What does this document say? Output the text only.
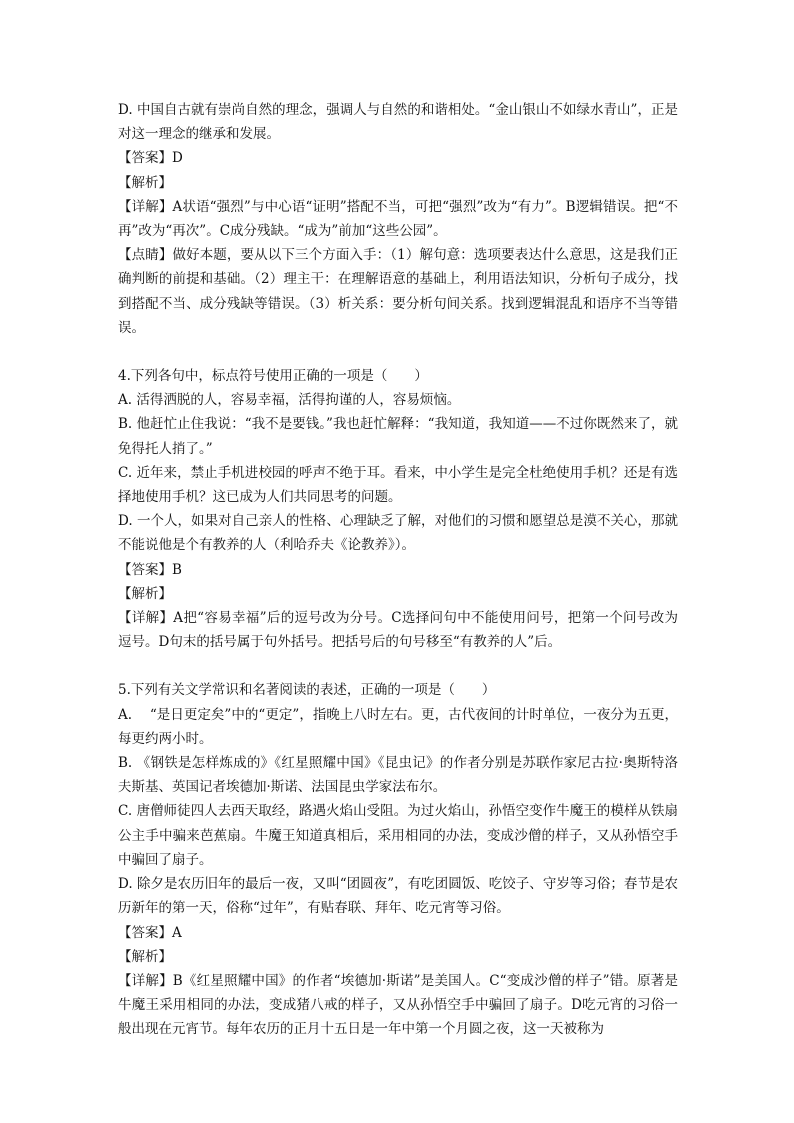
D. 中国自古就有崇尚自然的理念，强调人与自然的和谐相处。“金山银山不如绿水青山”，正是对这一理念的继承和发展。

【答案】D

【解析】

【详解】A状语“强烈”与中心语“证明”搭配不当，可把“强烈”改为“有力”。B逻辑错误。把“不再”改为“再次”。C成分残缺。“成为”前加“这些公园”。

【点睛】做好本题，要从以下三个方面入手：（1）解句意：选项要表达什么意思，这是我们正确判断的前提和基础。（2）理主干：在理解语意的基础上，利用语法知识，分析句子成分，找到搭配不当、成分残缺等错误。（3）析关系：要分析句间关系。找到逻辑混乱和语序不当等错误。

4.下列各句中，标点符号使用正确的一项是（　　）

A. 活得洒脱的人，容易幸福，活得拘谨的人，容易烦恼。

B. 他赶忙止住我说：“我不是要钱。”我也赶忙解释：“我知道，我知道——不过你既然来了，就免得托人捎了。”

C. 近年来，禁止手机进校园的呼声不绝于耳。看来，中小学生是完全杜绝使用手机？还是有选择地使用手机？这已成为人们共同思考的问题。

D. 一个人，如果对自己亲人的性格、心理缺乏了解，对他们的习惯和愿望总是漠不关心，那就不能说他是个有教养的人（利哈乔夫《论教养》）。

【答案】B

【解析】

【详解】A把“容易幸福”后的逗号改为分号。C选择问句中不能使用问号，把第一个问号改为逗号。D句末的括号属于句外括号。把括号后的句号移至“有教养的人”后。

5.下列有关文学常识和名著阅读的表述，正确的一项是（　　）

A. 　“是日更定矣”中的“更定”，指晚上八时左右。更，古代夜间的计时单位，一夜分为五更，每更约两小时。

B. 《钢铁是怎样炼成的》《红星照耀中国》《昆虫记》的作者分别是苏联作家尼古拉·奥斯特洛夫斯基、英国记者埃德加·斯诺、法国昆虫学家法布尔。

C. 唐僧师徒四人去西天取经，路遇火焰山受阻。为过火焰山，孙悟空变作牛魔王的模样从铁扇公主手中骗来芭蕉扇。牛魔王知道真相后，采用相同的办法，变成沙僧的样子，又从孙悟空手中骗回了扇子。

D. 除夕是农历旧年的最后一夜，又叫“团圆夜”，有吃团圆饭、吃饺子、守岁等习俗；春节是农历新年的第一天，俗称“过年”，有贴春联、拜年、吃元宵等习俗。

【答案】A

【解析】

【详解】B《红星照耀中国》的作者“埃德加·斯诺”是美国人。C“变成沙僧的样子”错。原著是牛魔王采用相同的办法，变成猪八戒的样子，又从孙悟空手中骗回了扇子。D吃元宵的习俗一般出现在元宵节。每年农历的正月十五日是一年中第一个月圆之夜，这一天被称为
